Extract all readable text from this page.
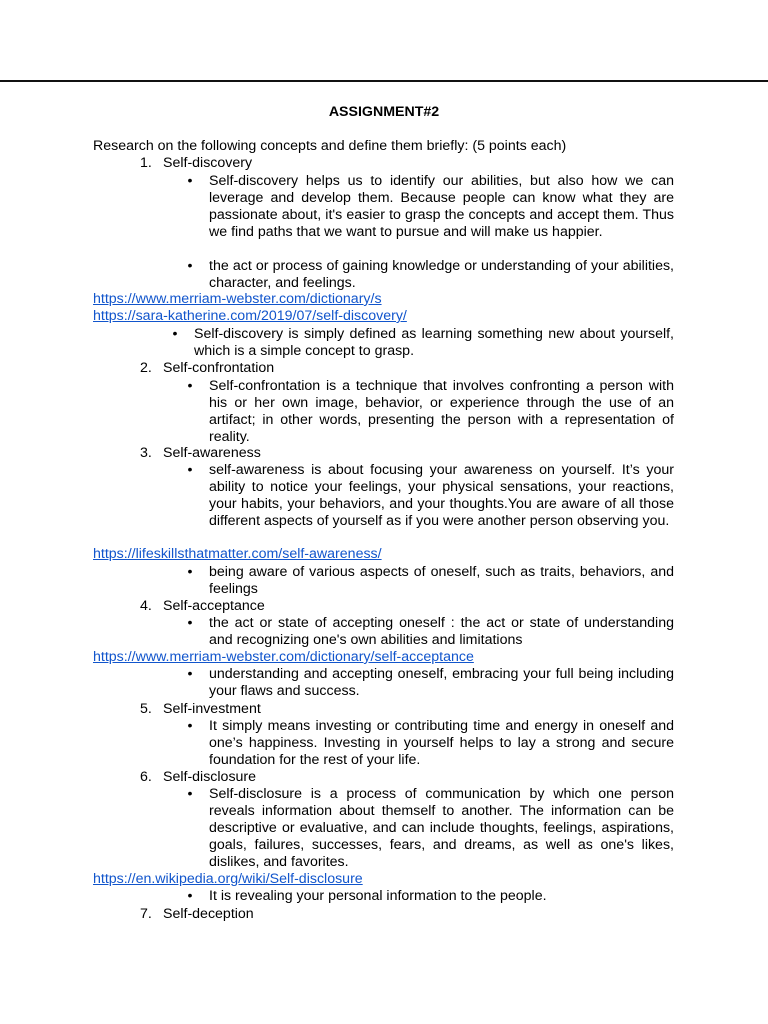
ASSIGNMENT#2
Research on the following concepts and define them briefly: (5 points each)
1. Self-discovery
• Self-discovery helps us to identify our abilities, but also how we can leverage and develop them. Because people can know what they are passionate about, it's easier to grasp the concepts and accept them. Thus we find paths that we want to pursue and will make us happier.
• the act or process of gaining knowledge or understanding of your abilities, character, and feelings.
https://www.merriam-webster.com/dictionary/s
https://sara-katherine.com/2019/07/self-discovery/
• Self-discovery is simply defined as learning something new about yourself, which is a simple concept to grasp.
2. Self-confrontation
• Self-confrontation is a technique that involves confronting a person with his or her own image, behavior, or experience through the use of an artifact; in other words, presenting the person with a representation of reality.
3. Self-awareness
• self-awareness is about focusing your awareness on yourself. It’s your ability to notice your feelings, your physical sensations, your reactions, your habits, your behaviors, and your thoughts.You are aware of all those different aspects of yourself as if you were another person observing you.
https://lifeskillsthatmatter.com/self-awareness/
• being aware of various aspects of oneself, such as traits, behaviors, and feelings
4. Self-acceptance
• the act or state of accepting oneself : the act or state of understanding and recognizing one's own abilities and limitations
https://www.merriam-webster.com/dictionary/self-acceptance
• understanding and accepting oneself, embracing your full being including your flaws and success.
5. Self-investment
• It simply means investing or contributing time and energy in oneself and one’s happiness. Investing in yourself helps to lay a strong and secure foundation for the rest of your life.
6. Self-disclosure
• Self-disclosure is a process of communication by which one person reveals information about themself to another. The information can be descriptive or evaluative, and can include thoughts, feelings, aspirations, goals, failures, successes, fears, and dreams, as well as one's likes, dislikes, and favorites.
https://en.wikipedia.org/wiki/Self-disclosure
• It is revealing your personal information to the people.
7. Self-deception
